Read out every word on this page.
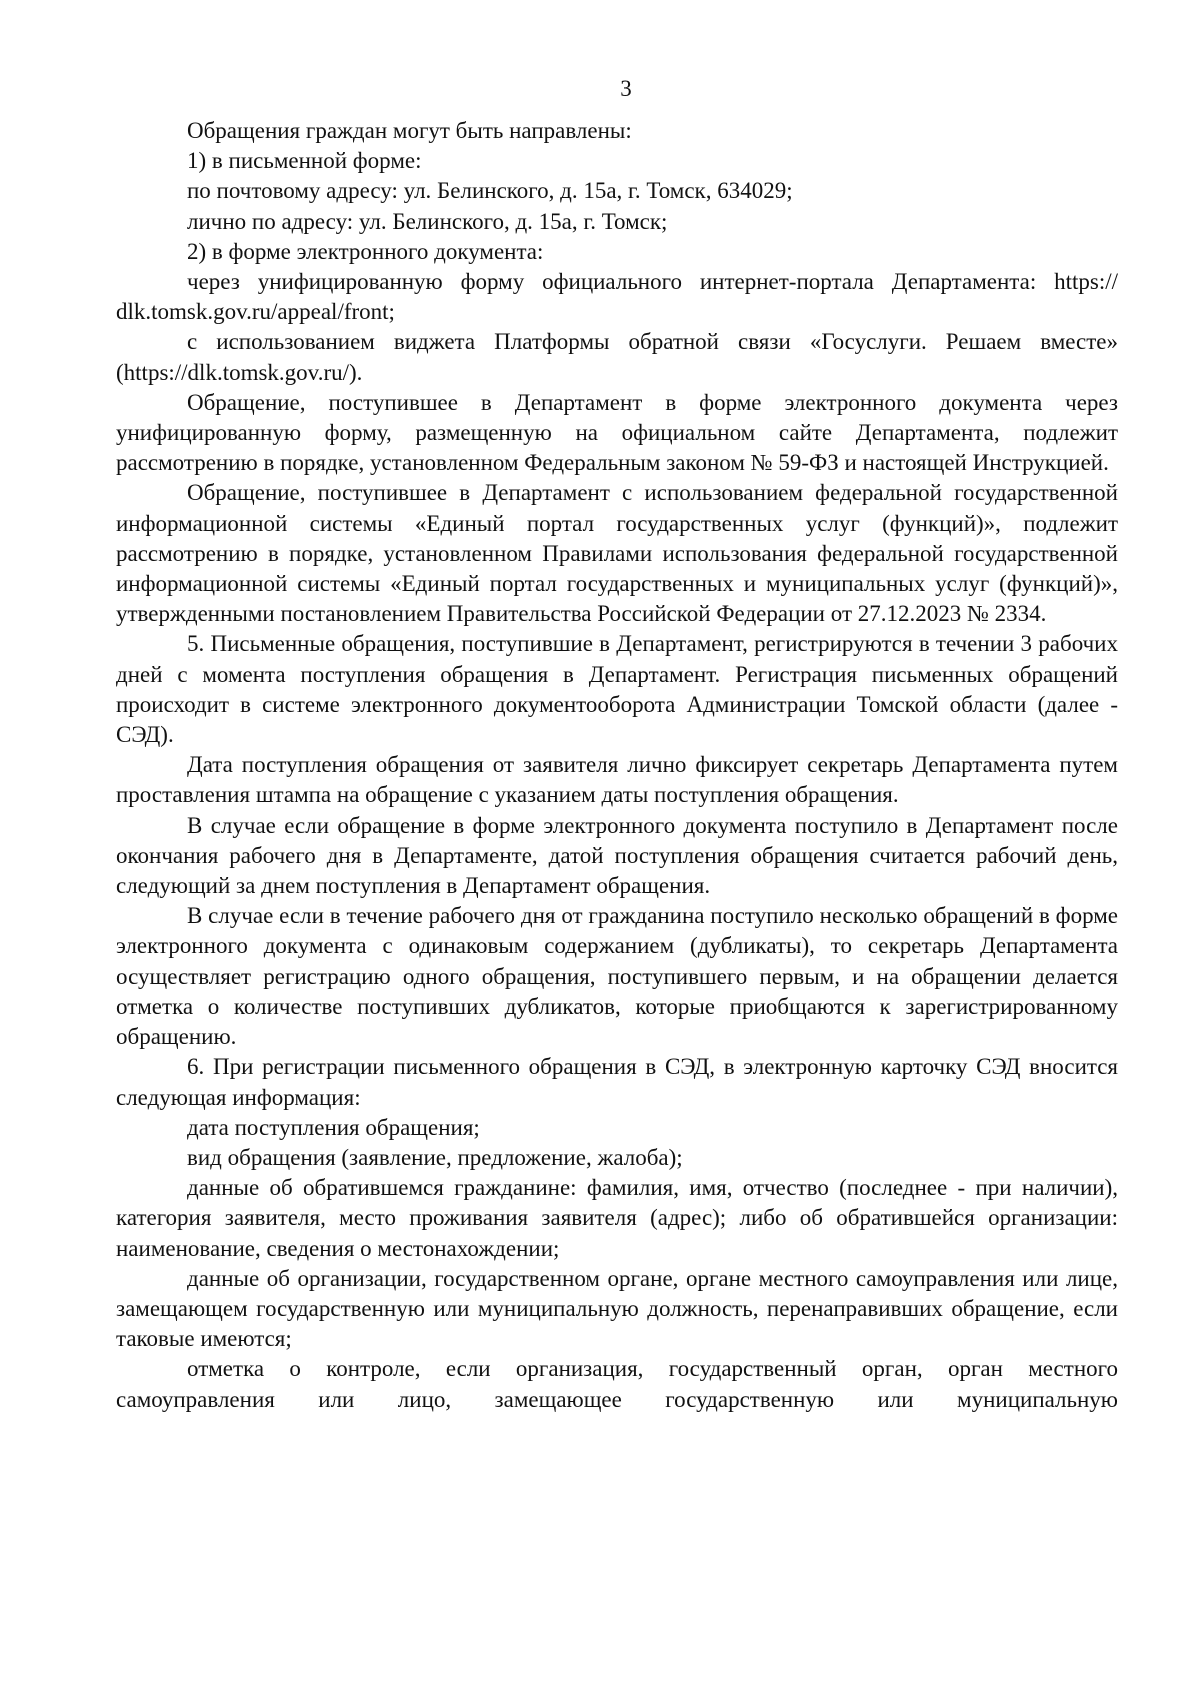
3

Обращения граждан могут быть направлены:

1) в письменной форме:

по почтовому адресу: ул. Белинского, д. 15а, г. Томск, 634029;

лично по адресу: ул. Белинского, д. 15а, г. Томск;

2) в форме электронного документа:

через унифицированную форму официального интернет-портала Департамента: https:// dlk.tomsk.gov.ru/appeal/front;

с использованием виджета Платформы обратной связи «Госуслуги. Решаем вместе» (https://dlk.tomsk.gov.ru/).

Обращение, поступившее в Департамент в форме электронного документа через унифицированную форму, размещенную на официальном сайте Департамента, подлежит рассмотрению в порядке, установленном Федеральным законом № 59-ФЗ и настоящей Инструкцией.

Обращение, поступившее в Департамент с использованием федеральной государственной информационной системы «Единый портал государственных услуг (функций)», подлежит рассмотрению в порядке, установленном Правилами использования федеральной государственной информационной системы «Единый портал государственных и муниципальных услуг (функций)», утвержденными постановлением Правительства Российской Федерации от 27.12.2023 № 2334.

5. Письменные обращения, поступившие в Департамент, регистрируются в течении 3 рабочих дней с момента поступления обращения в Департамент. Регистрация письменных обращений происходит в системе электронного документооборота Администрации Томской области (далее - СЭД).

Дата поступления обращения от заявителя лично фиксирует секретарь Департамента путем проставления штампа на обращение с указанием даты поступления обращения.

В случае если обращение в форме электронного документа поступило в Департамент после окончания рабочего дня в Департаменте, датой поступления обращения считается рабочий день, следующий за днем поступления в Департамент обращения.

В случае если в течение рабочего дня от гражданина поступило несколько обращений в форме электронного документа с одинаковым содержанием (дубликаты), то секретарь Департамента осуществляет регистрацию одного обращения, поступившего первым, и на обращении делается отметка о количестве поступивших дубликатов, которые приобщаются к зарегистрированному обращению.

6. При регистрации письменного обращения в СЭД, в электронную карточку СЭД вносится следующая информация:

дата поступления обращения;

вид обращения (заявление, предложение, жалоба);

данные об обратившемся гражданине: фамилия, имя, отчество (последнее - при наличии), категория заявителя, место проживания заявителя (адрес); либо об обратившейся организации: наименование, сведения о местонахождении;

данные об организации, государственном органе, органе местного самоуправления или лице, замещающем государственную или муниципальную должность, перенаправивших обращение, если таковые имеются;

отметка о контроле, если организация, государственный орган, орган местного самоуправления или лицо, замещающее государственную или муниципальную
